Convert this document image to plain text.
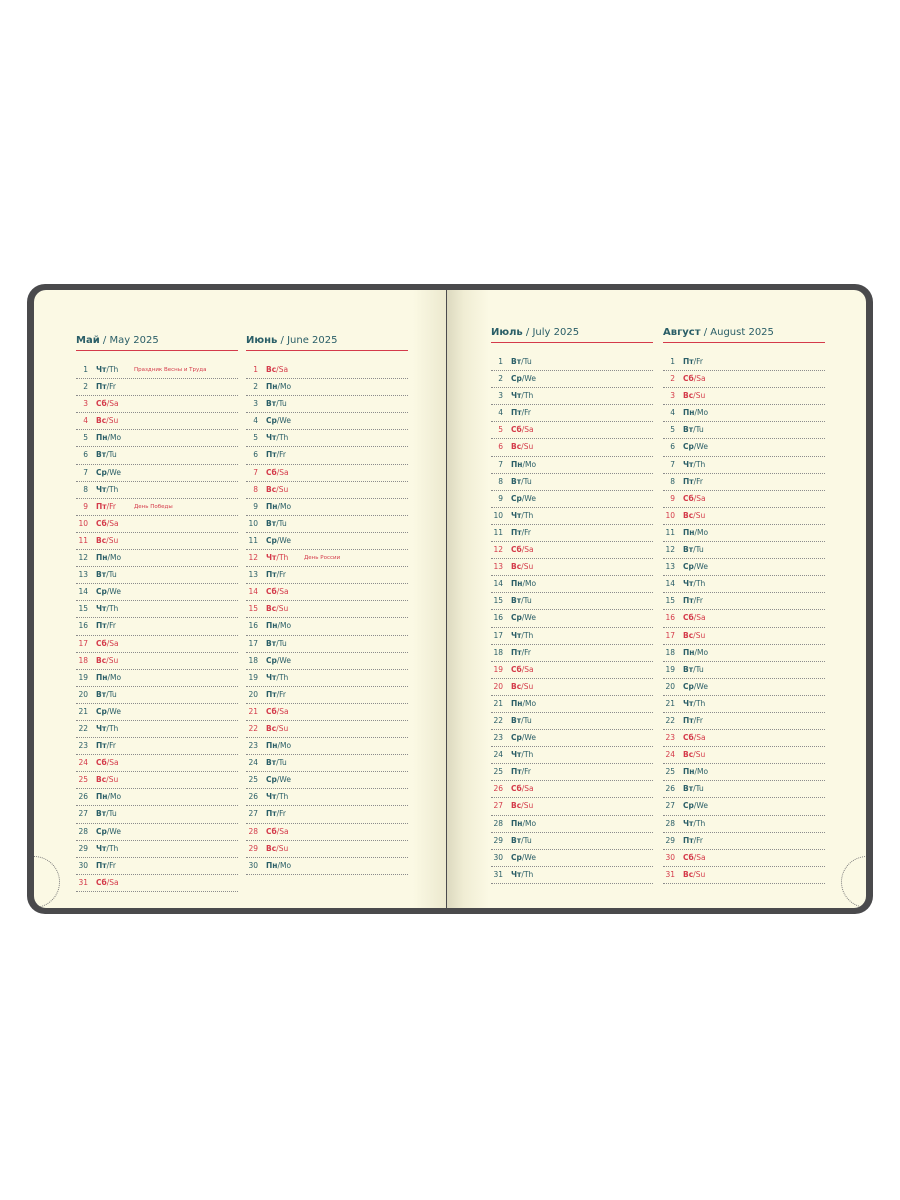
Май / May 2025
1 Чт/Th	Праздник Весны и Труда
2 Пт/Fr
3 Сб/Sa
4 Вс/Su
5 Пн/Mo
6 Вт/Tu
7 Ср/We
8 Чт/Th
9 Пт/Fr	День Победы
10 Сб/Sa
11 Вс/Su
12 Пн/Mo
13 Вт/Tu
14 Ср/We
15 Чт/Th
16 Пт/Fr
17 Сб/Sa
18 Вс/Su
19 Пн/Mo
20 Вт/Tu
21 Ср/We
22 Чт/Th
23 Пт/Fr
24 Сб/Sa
25 Вс/Su
26 Пн/Mo
27 Вт/Tu
28 Ср/We
29 Чт/Th
30 Пт/Fr
31 Сб/Sa
Июнь / June 2025
1 Вс/Sa
2 Пн/Mo
3 Вт/Tu
4 Ср/We
5 Чт/Th
6 Пт/Fr
7 Сб/Sa
8 Вс/Su
9 Пн/Mo
10 Вт/Tu
11 Ср/We
12 Чт/Th	День России
13 Пт/Fr
14 Сб/Sa
15 Вс/Su
16 Пн/Mo
17 Вт/Tu
18 Ср/We
19 Чт/Th
20 Пт/Fr
21 Сб/Sa
22 Вс/Su
23 Пн/Mo
24 Вт/Tu
25 Ср/We
26 Чт/Th
27 Пт/Fr
28 Сб/Sa
29 Вс/Su
30 Пн/Mo
Июль / July 2025
1 Вт/Tu
2 Ср/We
3 Чт/Th
4 Пт/Fr
5 Сб/Sa
6 Вс/Su
7 Пн/Mo
8 Вт/Tu
9 Ср/We
10 Чт/Th
11 Пт/Fr
12 Сб/Sa
13 Вс/Su
14 Пн/Mo
15 Вт/Tu
16 Ср/We
17 Чт/Th
18 Пт/Fr
19 Сб/Sa
20 Вс/Su
21 Пн/Mo
22 Вт/Tu
23 Ср/We
24 Чт/Th
25 Пт/Fr
26 Сб/Sa
27 Вс/Su
28 Пн/Mo
29 Вт/Tu
30 Ср/We
31 Чт/Th
Август / August 2025
1 Пт/Fr
2 Сб/Sa
3 Вс/Su
4 Пн/Mo
5 Вт/Tu
6 Ср/We
7 Чт/Th
8 Пт/Fr
9 Сб/Sa
10 Вс/Su
11 Пн/Mo
12 Вт/Tu
13 Ср/We
14 Чт/Th
15 Пт/Fr
16 Сб/Sa
17 Вс/Su
18 Пн/Mo
19 Вт/Tu
20 Ср/We
21 Чт/Th
22 Пт/Fr
23 Сб/Sa
24 Вс/Su
25 Пн/Mo
26 Вт/Tu
27 Ср/We
28 Чт/Th
29 Пт/Fr
30 Сб/Sa
31 Вс/Su
